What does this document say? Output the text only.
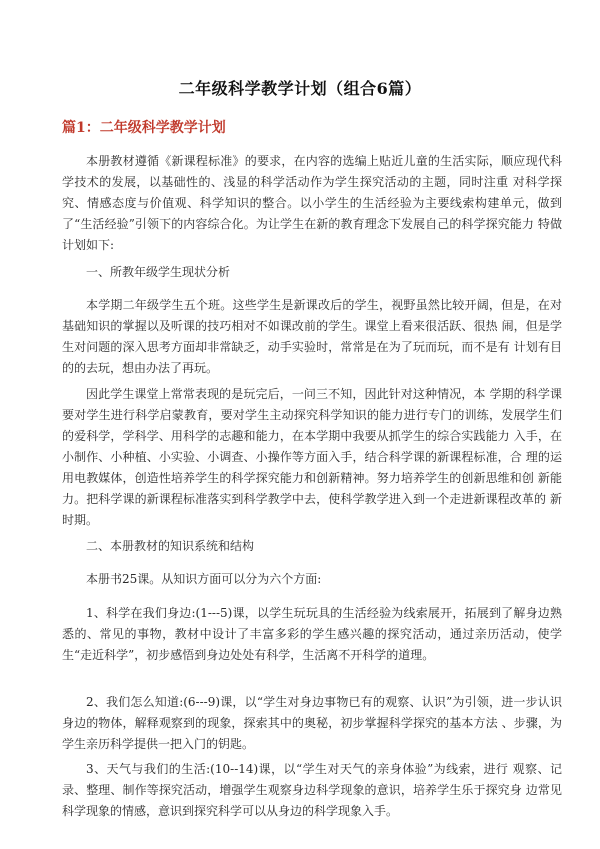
二年级科学教学计划（组合6篇）
篇1：二年级科学教学计划

本册教材遵循《新课程标准》的要求，在内容的选编上贴近儿童的生活实际，顺应现代科学技术的发展，以基础性的、浅显的科学活动作为学生探究活动的主题，同时注重 对科学探究、情感态度与价值观、科学知识的整合。以小学生的生活经验为主要线索构建单元，做到了“生活经验”引领下的内容综合化。为让学生在新的教育理念下发展自己的科学探究能力 特做计划如下:

一、所教年级学生现状分析

本学期二年级学生五个班。这些学生是新课改后的学生，视野虽然比较开阔，但是，在对基础知识的掌握以及听课的技巧相对不如课改前的学生。课堂上看来很活跃、很热 闹，但是学生对问题的深入思考方面却非常缺乏，动手实验时，常常是在为了玩而玩，而不是有 计划有目的的去玩，想由办法了再玩。

因此学生课堂上常常表现的是玩完后，一问三不知，因此针对这种情况，本 学期的科学课要对学生进行科学启蒙教育，要对学生主动探究科学知识的能力进行专门的训练，发展学生们的爱科学，学科学、用科学的志趣和能力，在本学期中我要从抓学生的综合实践能力 入手，在小制作、小种植、小实验、小调查、小操作等方面入手，结合科学课的新课程标准，合 理的运用电教媒体，创造性培养学生的科学探究能力和创新精神。努力培养学生的创新思维和创 新能力。把科学课的新课程标准落实到科学教学中去，使科学教学进入到一个走进新课程改革的 新时期。

二、本册教材的知识系统和结构

本册书25课。从知识方面可以分为六个方面:

1、科学在我们身边:(1---5)课，以学生玩玩具的生活经验为线索展开，拓展到了解身边熟悉的、常见的事物，教材中设计了丰富多彩的学生感兴趣的探究活动，通过亲历活动，使学生“走近科学”，初步感悟到身边处处有科学，生活离不开科学的道理。

2、我们怎么知道:(6---9)课，以“学生对身边事物已有的观察、认识”为引领，进一步认识身边的物体，解释观察到的现象，探索其中的奥秘，初步掌握科学探究的基本方法 、步骤，为学生亲历科学提供一把入门的钥匙。

3、天气与我们的生活:(10--14)课，以“学生对天气的亲身体验”为线索，进行 观察、记录、整理、制作等探究活动，增强学生观察身边科学现象的意识，培养学生乐于探究身 边常见科学现象的情感，意识到探究科学可以从身边的科学现象入手。
